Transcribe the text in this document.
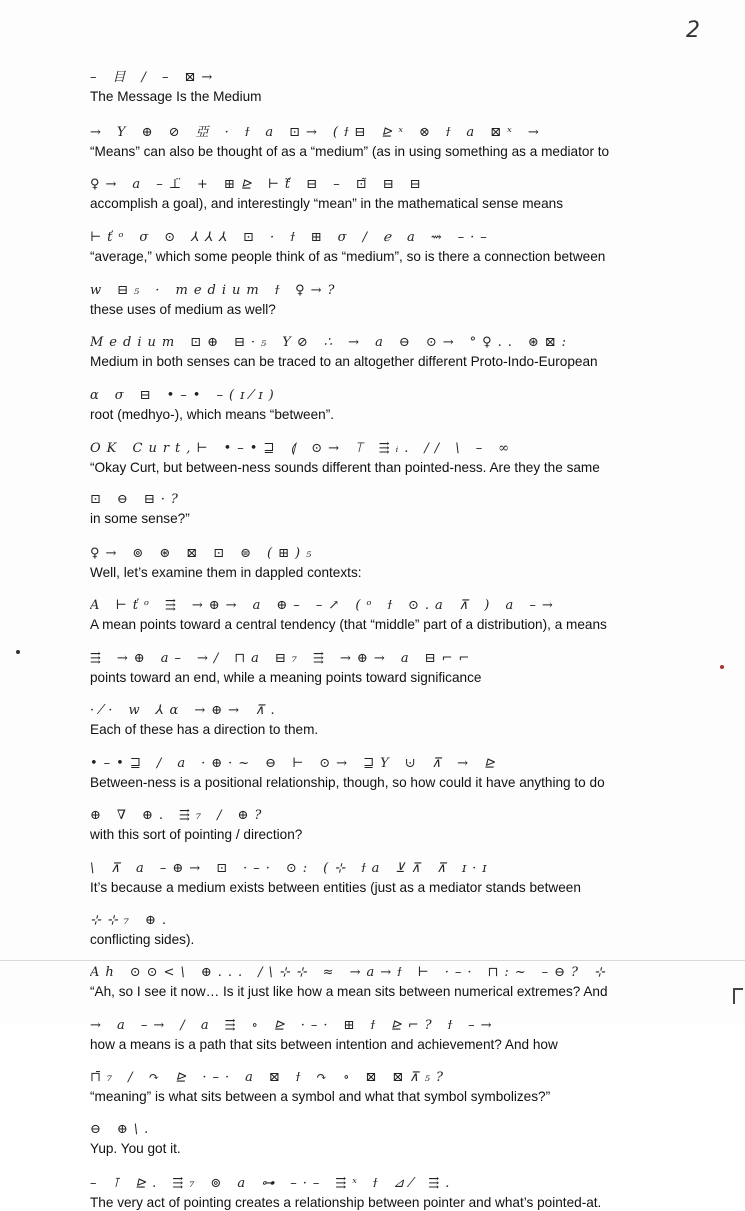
2
– 目 / – ⊠→
The Message Is the Medium
→ Y ⊕ ⊘ 亞 · ϯ a ⊡→ (ϯ⊟ ⊵ˣ ⊗ ϯ a ⊠ˣ →
“Means” can also be thought of as a “medium” (as in using something as a mediator to
♀→ a –⊥̈ + ⊞⊵ ⊢ť̈ ⊟ – ⊡̃ ⊟ ⊟
accomplish a goal), and interestingly “mean” in the mathematical sense means
⊢ťᵒ σ ⊙ ⅄⅄⅄ ⊡ · ϯ ⊞ σ / ℯ a ⇝ –·–
“average,” which some people think of as “medium”, so is there a connection between
w ⊟₅ · medium ϯ ♀→?
these uses of medium as well?
Medium ⊡⊕ ⊟·₅ Y⊘ ∴ → a ⊖ ⊙→ °♀.. ⊛⊠:
Medium in both senses can be traced to an altogether different Proto-Indo-European
ɑ σ ⊟ •–• –(ɪ⁄ɪ)
root (medhyo-), which means “between”.
OK Curt,⊢ •–•⊒ ⟬ ⊙→ ⟙ ⇶ᵢ. // \ – ∞
“Okay Curt, but between-ness sounds different than pointed-ness. Are they the same
⊡ ⊖ ⊟·?
in some sense?”
♀→ ⊚ ⊛ ⊠ ⊡ ⊜ (⊞)₅
Well, let’s examine them in dappled contexts:
A ⊢ťᵒ ⇶ →⊕→ a ⊕– –↗ (ᵒ ϯ ⊙.a ⊼ ) a –→
A mean points toward a central tendency (that “middle” part of a distribution), a means
⇶ →⊕ a– →/ ⊓a ⊟₇ ⇶ →⊕→ a ⊟⌐⌐
points toward an end, while a meaning points toward significance
·⁄· w ⅄ɑ →⊕→ ⊼.
Each of these has a direction to them.
•–•⊒ / a ·⊕·~ ⊖ ⊢ ⊙→ ⊒Y ⊍ ⊼ → ⊵
Between-ness is a positional relationship, though, so how could it have anything to do
⊕ ∇ ⊕. ⇶₇ / ⊕?
with this sort of pointing / direction?
\ ⊼ a –⊕→ ⊡ ·–· ⊙: (⊹ ϯa ⊻⊼ ⊼ ɪ·ɪ
It’s because a medium exists between entities (just as a mediator stands between
⊹⊹₇ ⊕.
conflicting sides).
Ah ⊙⊙<\ ⊕... /\⊹⊹ ≈ →a→ϯ ⊢ ·–· ⊓:~ –⊖? ⊹
“Ah, so I see it now… Is it just like how a mean sits between numerical extremes? And
→ a –→ / a ⇶ ∘ ⊵ ·–· ⊞ ϯ ⊵⌐? ϯ –→
how a means is a path that sits between intention and achievement? And how
⊓̄₇ / ↷ ⊵ ·–· a ⊠ ϯ ↷ ∘ ⊠ ⊠⊼₅?
“meaning” is what sits between a symbol and what that symbol symbolizes?”
⊖ ⊕\.
Yup. You got it.
– ⊺ ⊵. ⇶₇ ⊚ a ⊶ –·– ⇶ˣ ϯ ⊿⁄ ⇶.
The very act of pointing creates a relationship between pointer and what’s pointed-at.
